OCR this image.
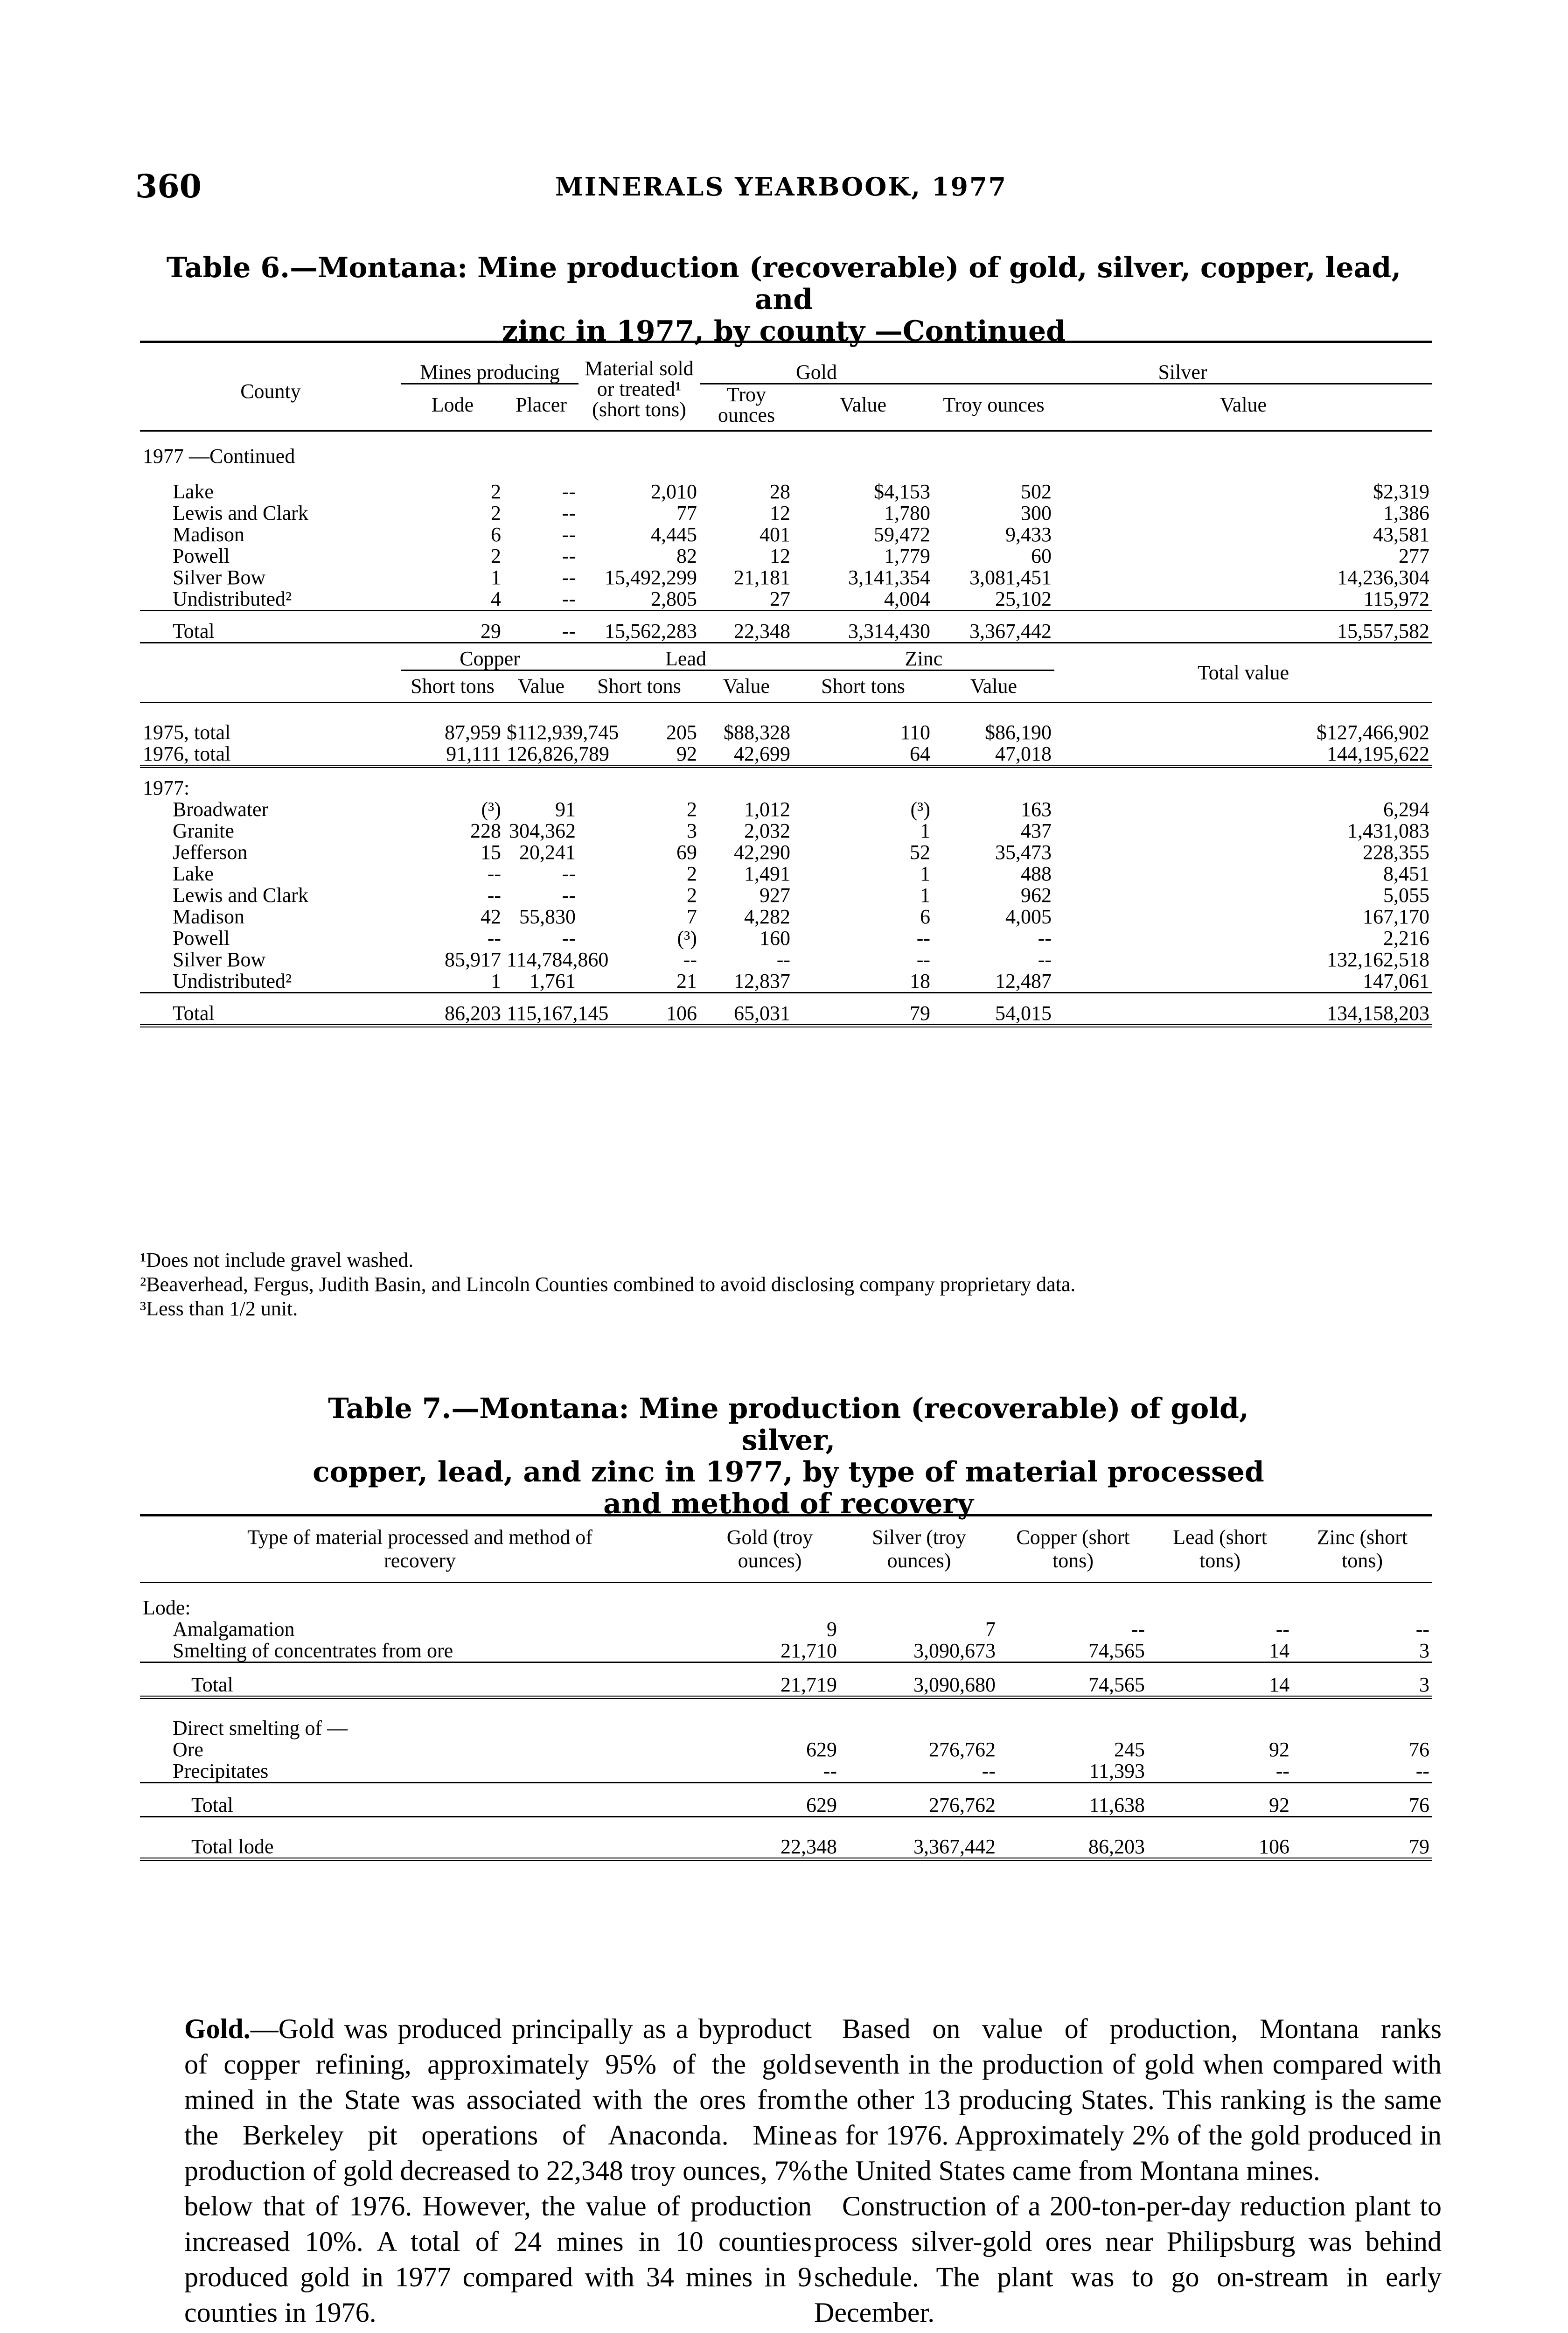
360	MINERALS YEARBOOK, 1977
Table 6.—Montana: Mine production (recoverable) of gold, silver, copper, lead, and
zinc in 1977, by county —Continued
County	Mines producing		Material sold or treated¹ (short tons)	Gold		Silver	
	Lode	Placer		Troy ounces	Value	Troy ounces	Value

1977 —Continued							
Lake	2	--	2,010	28	$4,153	502	$2,319
Lewis and Clark	2	--	77	12	1,780	300	1,386
Madison	6	--	4,445	401	59,472	9,433	43,581
Powell	2	--	82	12	1,779	60	277
Silver Bow	1	--	15,492,299	21,181	3,141,354	3,081,451	14,236,304
Undistributed²	4	--	2,805	27	4,004	25,102	115,972

Total	29	--	15,562,283	22,348	3,314,430	3,367,442	15,557,582
	Copper		Lead		Zinc		Total value
	Short tons	Value	Short tons	Value	Short tons	Value	

1975, total	87,959	$112,939,745	205	$88,328	110	$86,190	$127,466,902
1976, total	91,111	126,826,789	92	42,699	64	47,018	144,195,622

1977:							
Broadwater	(³)	91	2	1,012	(³)	163	6,294
Granite	228	304,362	3	2,032	1	437	1,431,083
Jefferson	15	20,241	69	42,290	52	35,473	228,355
Lake	--	--	2	1,491	1	488	8,451
Lewis and Clark	--	--	2	927	1	962	5,055
Madison	42	55,830	7	4,282	6	4,005	167,170
Powell	--	--	(³)	160	--	--	2,216
Silver Bow	85,917	114,784,860	--	--	--	--	132,162,518
Undistributed²	1	1,761	21	12,837	18	12,487	147,061

Total	86,203	115,167,145	106	65,031	79	54,015	134,158,203
¹Does not include gravel washed.
²Beaverhead, Fergus, Judith Basin, and Lincoln Counties combined to avoid disclosing company proprietary data.
³Less than 1/2 unit.
Table 7.—Montana: Mine production (recoverable) of gold, silver,
copper, lead, and zinc in 1977, by type of material processed
and method of recovery
Type of material processed and method of recovery	Gold (troy ounces)	Silver (troy ounces)	Copper (short tons)	Lead (short tons)	Zinc (short tons)

Lode:					
Amalgamation	9	7	--	--	--
Smelting of concentrates from ore	21,710	3,090,673	74,565	14	3

Total	21,719	3,090,680	74,565	14	3

Direct smelting of —					
Ore	629	276,762	245	92	76
Precipitates	--	--	11,393	--	--

Total	629	276,762	11,638	92	76

Total lode	22,348	3,367,442	86,203	106	79

Gold.—Gold was produced principally as a byproduct of copper refining, approximately 95% of the gold mined in the State was associated with the ores from the Berkeley pit operations of Anaconda. Mine production of gold decreased to 22,348 troy ounces, 7% below that of 1976. However, the value of production increased 10%. A total of 24 mines in 10 counties produced gold in 1977 compared with 34 mines in 9 counties in 1976.

Based on value of production, Montana ranks seventh in the production of gold when compared with the other 13 producing States. This ranking is the same as for 1976. Approximately 2% of the gold produced in the United States came from Montana mines.

Construction of a 200-ton-per-day reduction plant to process silver-gold ores near Philipsburg was behind schedule. The plant was to go on-stream in early December.
